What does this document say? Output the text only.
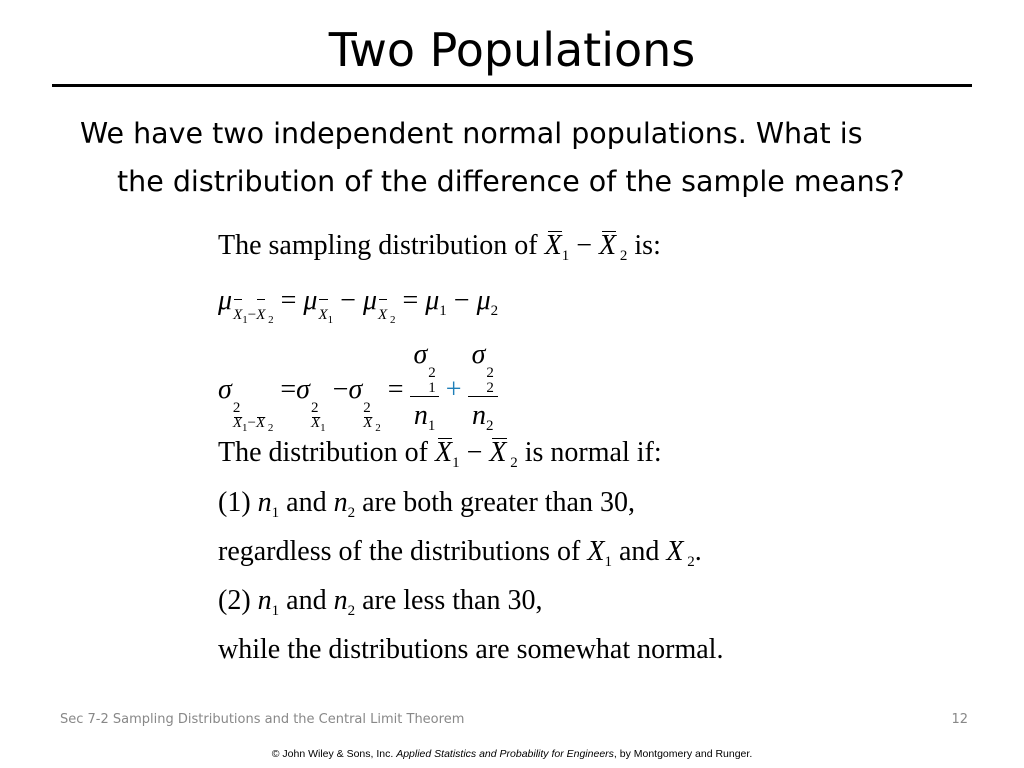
Two Populations
We have two independent normal populations. What is
the distribution of the difference of the sample means?
The sampling distribution of $X_1 - X$ $_2$ is:
$\mu X_1-X$ $_2 = \mu X_1 - \mu X$ $_2 = \mu_1 - \mu_2$
σ
2
$X_1-X$ $_2$
=σ
2
$X_1$
−σ
2
X $_2$
= σ
2
1
$n_1 + \sigma$
2
2
$n_2$
The distribution of $X_1 - X$ $_2$ is normal if:
(1) $n_1$ and $n_2$ are both greater than 30,
regardless of the distributions of $X_1$ and X $_2$.
(2) $n_1$ and $n_2$ are less than 30,
while the distributions are somewhat normal.
Sec 7-2 Sampling Distributions and the Central Limit Theorem	12
© John Wiley & Sons, Inc. Applied Statistics and Probability for Engineers, by Montgomery and Runger.
